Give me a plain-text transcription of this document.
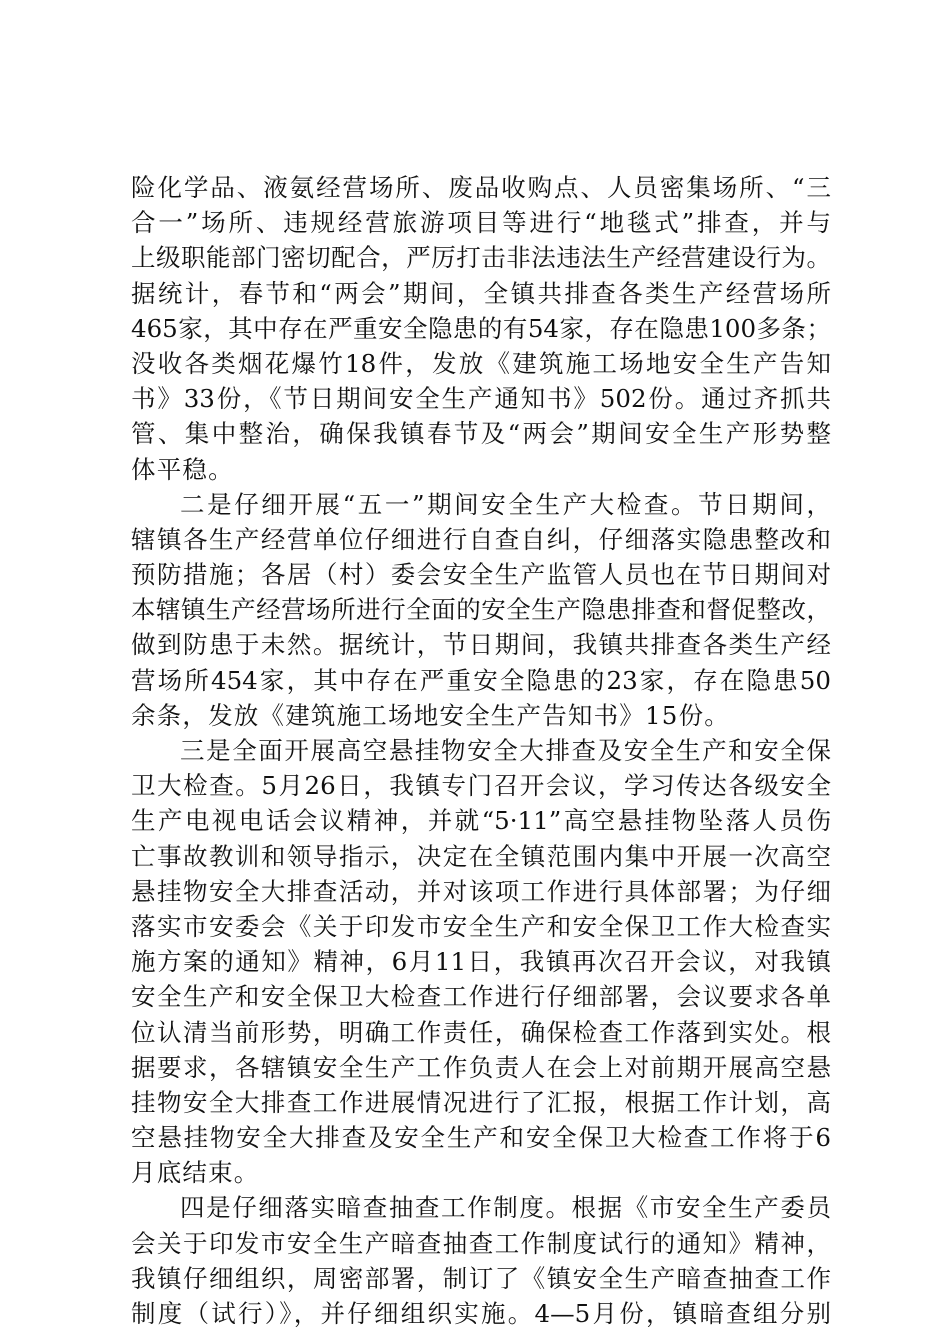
险化学品、液氨经营场所、废品收购点、人员密集场所、“三
合一”场所、违规经营旅游项目等进行“地毯式”排查，并与
上级职能部门密切配合，严厉打击非法违法生产经营建设行为。
据统计，春节和“两会”期间，全镇共排查各类生产经营场所
465家，其中存在严重安全隐患的有54家，存在隐患100多条；
没收各类烟花爆竹18件，发放《建筑施工场地安全生产告知
书》33份，《节日期间安全生产通知书》502份。通过齐抓共
管、集中整治，确保我镇春节及“两会”期间安全生产形势整
体平稳。
二是仔细开展“五一”期间安全生产大检查。节日期间，
辖镇各生产经营单位仔细进行自查自纠，仔细落实隐患整改和
预防措施；各居（村）委会安全生产监管人员也在节日期间对
本辖镇生产经营场所进行全面的安全生产隐患排查和督促整改，
做到防患于未然。据统计，节日期间，我镇共排查各类生产经
营场所454家，其中存在严重安全隐患的23家，存在隐患50
余条，发放《建筑施工场地安全生产告知书》15份。
三是全面开展高空悬挂物安全大排查及安全生产和安全保
卫大检查。5月26日，我镇专门召开会议，学习传达各级安全
生产电视电话会议精神，并就“5·11”高空悬挂物坠落人员伤
亡事故教训和领导指示，决定在全镇范围内集中开展一次高空
悬挂物安全大排查活动，并对该项工作进行具体部署；为仔细
落实市安委会《关于印发市安全生产和安全保卫工作大检查实
施方案的通知》精神，6月11日，我镇再次召开会议，对我镇
安全生产和安全保卫大检查工作进行仔细部署，会议要求各单
位认清当前形势，明确工作责任，确保检查工作落到实处。根
据要求，各辖镇安全生产工作负责人在会上对前期开展高空悬
挂物安全大排查工作进展情况进行了汇报，根据工作计划，高
空悬挂物安全大排查及安全生产和安全保卫大检查工作将于6
月底结束。
四是仔细落实暗查抽查工作制度。根据《市安全生产委员
会关于印发市安全生产暗查抽查工作制度试行的通知》精神，
我镇仔细组织，周密部署，制订了《镇安全生产暗查抽查工作
制度（试行）》，并仔细组织实施。4—5月份，镇暗查组分别
